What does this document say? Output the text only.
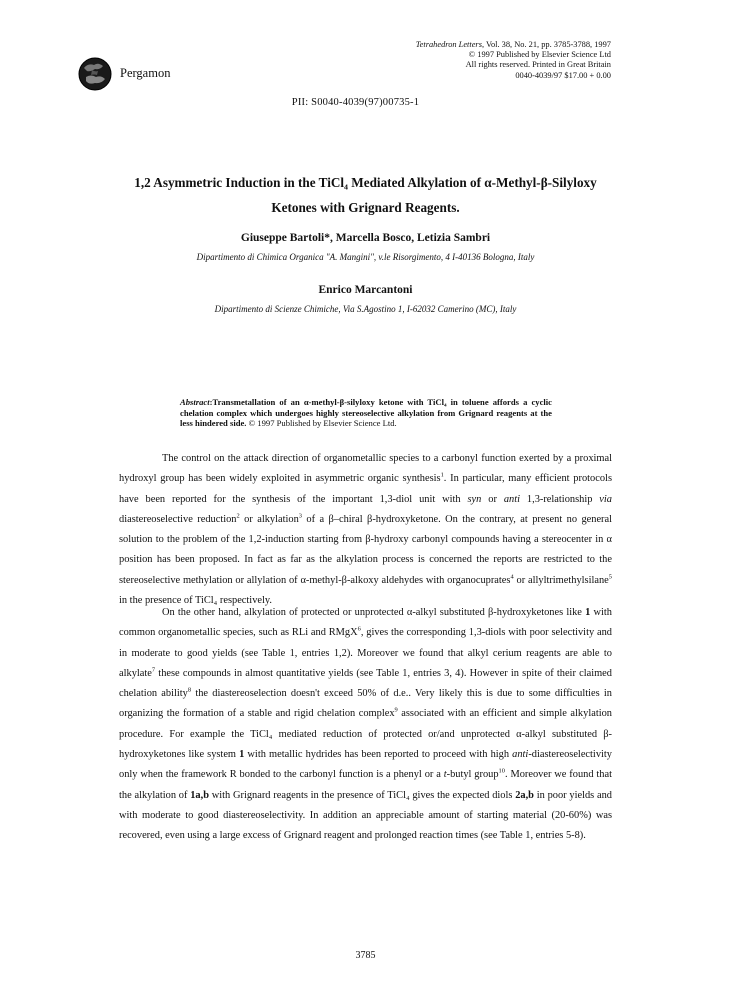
Pergamon
Tetrahedron Letters, Vol. 38, No. 21, pp. 3785-3788, 1997
© 1997 Published by Elsevier Science Ltd
All rights reserved. Printed in Great Britain
0040-4039/97 $17.00 + 0.00
PII: S0040-4039(97)00735-1
1,2 Asymmetric Induction in the TiCl₄ Mediated Alkylation of α-Methyl-β-Silyloxy
Ketones with Grignard Reagents.
Giuseppe Bartoli*, Marcella Bosco, Letizia Sambri
Dipartimento di Chimica Organica "A. Mangini", v.le Risorgimento, 4 I-40136 Bologna, Italy
Enrico Marcantoni
Dipartimento di Scienze Chimiche, Via S.Agostino 1, I-62032 Camerino (MC), Italy
Abstract:Transmetallation of an α-methyl-β-silyloxy ketone with TiCl₄ in toluene affords a cyclic chelation complex which undergoes highly stereoselective alkylation from Grignard reagents at the less hindered side. © 1997 Published by Elsevier Science Ltd.

The control on the attack direction of organometallic species to a carbonyl function exerted by a proximal hydroxyl group has been widely exploited in asymmetric organic synthesis$^1$. In particular, many efficient protocols have been reported for the synthesis of the important 1,3-diol unit with syn or anti 1,3-relationship via diastereoselective reduction$^2$ or alkylation$^3$ of a β–chiral β-hydroxyketone. On the contrary, at present no general solution to the problem of the 1,2-induction starting from β-hydroxy carbonyl compounds having a stereocenter in α position has been proposed. In fact as far as the alkylation process is concerned the reports are restricted to the stereoselective methylation or allylation of α-methyl-β-alkoxy aldehydes with organocuprates$^4$ or allyltrimethylsilane$^5$ in the presence of TiCl₄ respectively.

On the other hand, alkylation of protected or unprotected α-alkyl substituted β-hydroxyketones like 1 with common organometallic species, such as RLi and RMgX$^6$, gives the corresponding 1,3-diols with poor selectivity and in moderate to good yields (see Table 1, entries 1,2). Moreover we found that alkyl cerium reagents are able to alkylate$^7$ these compounds in almost quantitative yields (see Table 1, entries 3, 4). However in spite of their claimed chelation ability$^8$ the diastereoselection doesn't exceed 50% of d.e.. Very likely this is due to some difficulties in organizing the formation of a stable and rigid chelation complex$^9$ associated with an efficient and simple alkylation procedure. For example the TiCl₄ mediated reduction of protected or/and unprotected α-alkyl substituted β-hydroxyketones like system 1 with metallic hydrides has been reported to proceed with high anti-diastereoselectivity only when the framework R bonded to the carbonyl function is a phenyl or a t-butyl group$^{10}$. Moreover we found that the alkylation of 1a,b with Grignard reagents in the presence of TiCl₄ gives the expected diols 2a,b in poor yields and with moderate to good diastereoselectivity. In addition an appreciable amount of starting material (20-60%) was recovered, even using a large excess of Grignard reagent and prolonged reaction times (see Table 1, entries 5-8).

3785
